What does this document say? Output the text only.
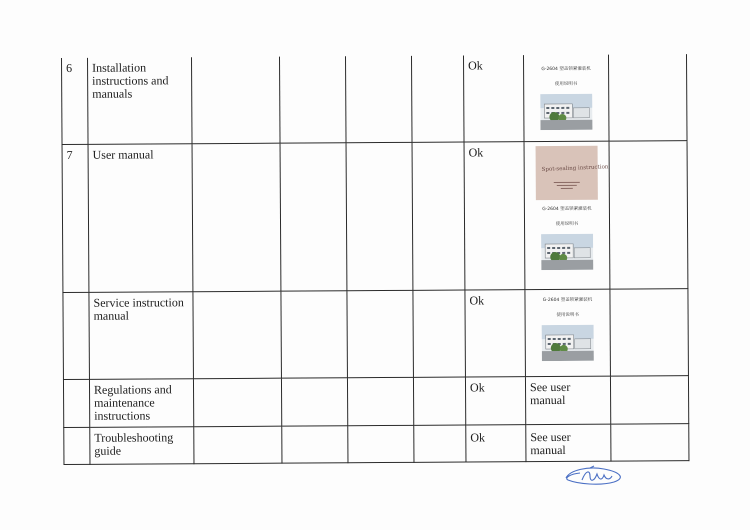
6	Installation instructions and manuals					Ok	G-2604 塑盖锁紧灌装机
使用说明书	

7	User manual					Ok	Spot-sealing instruction
G-2604 塑盖锁紧灌装机
使用说明书	

	Service instruction manual					Ok	G-2604 塑盖锁紧灌装机
使用说明书	

	Regulations and maintenance instructions					Ok	See user manual	
	Troubleshooting guide					Ok	See user manual	
